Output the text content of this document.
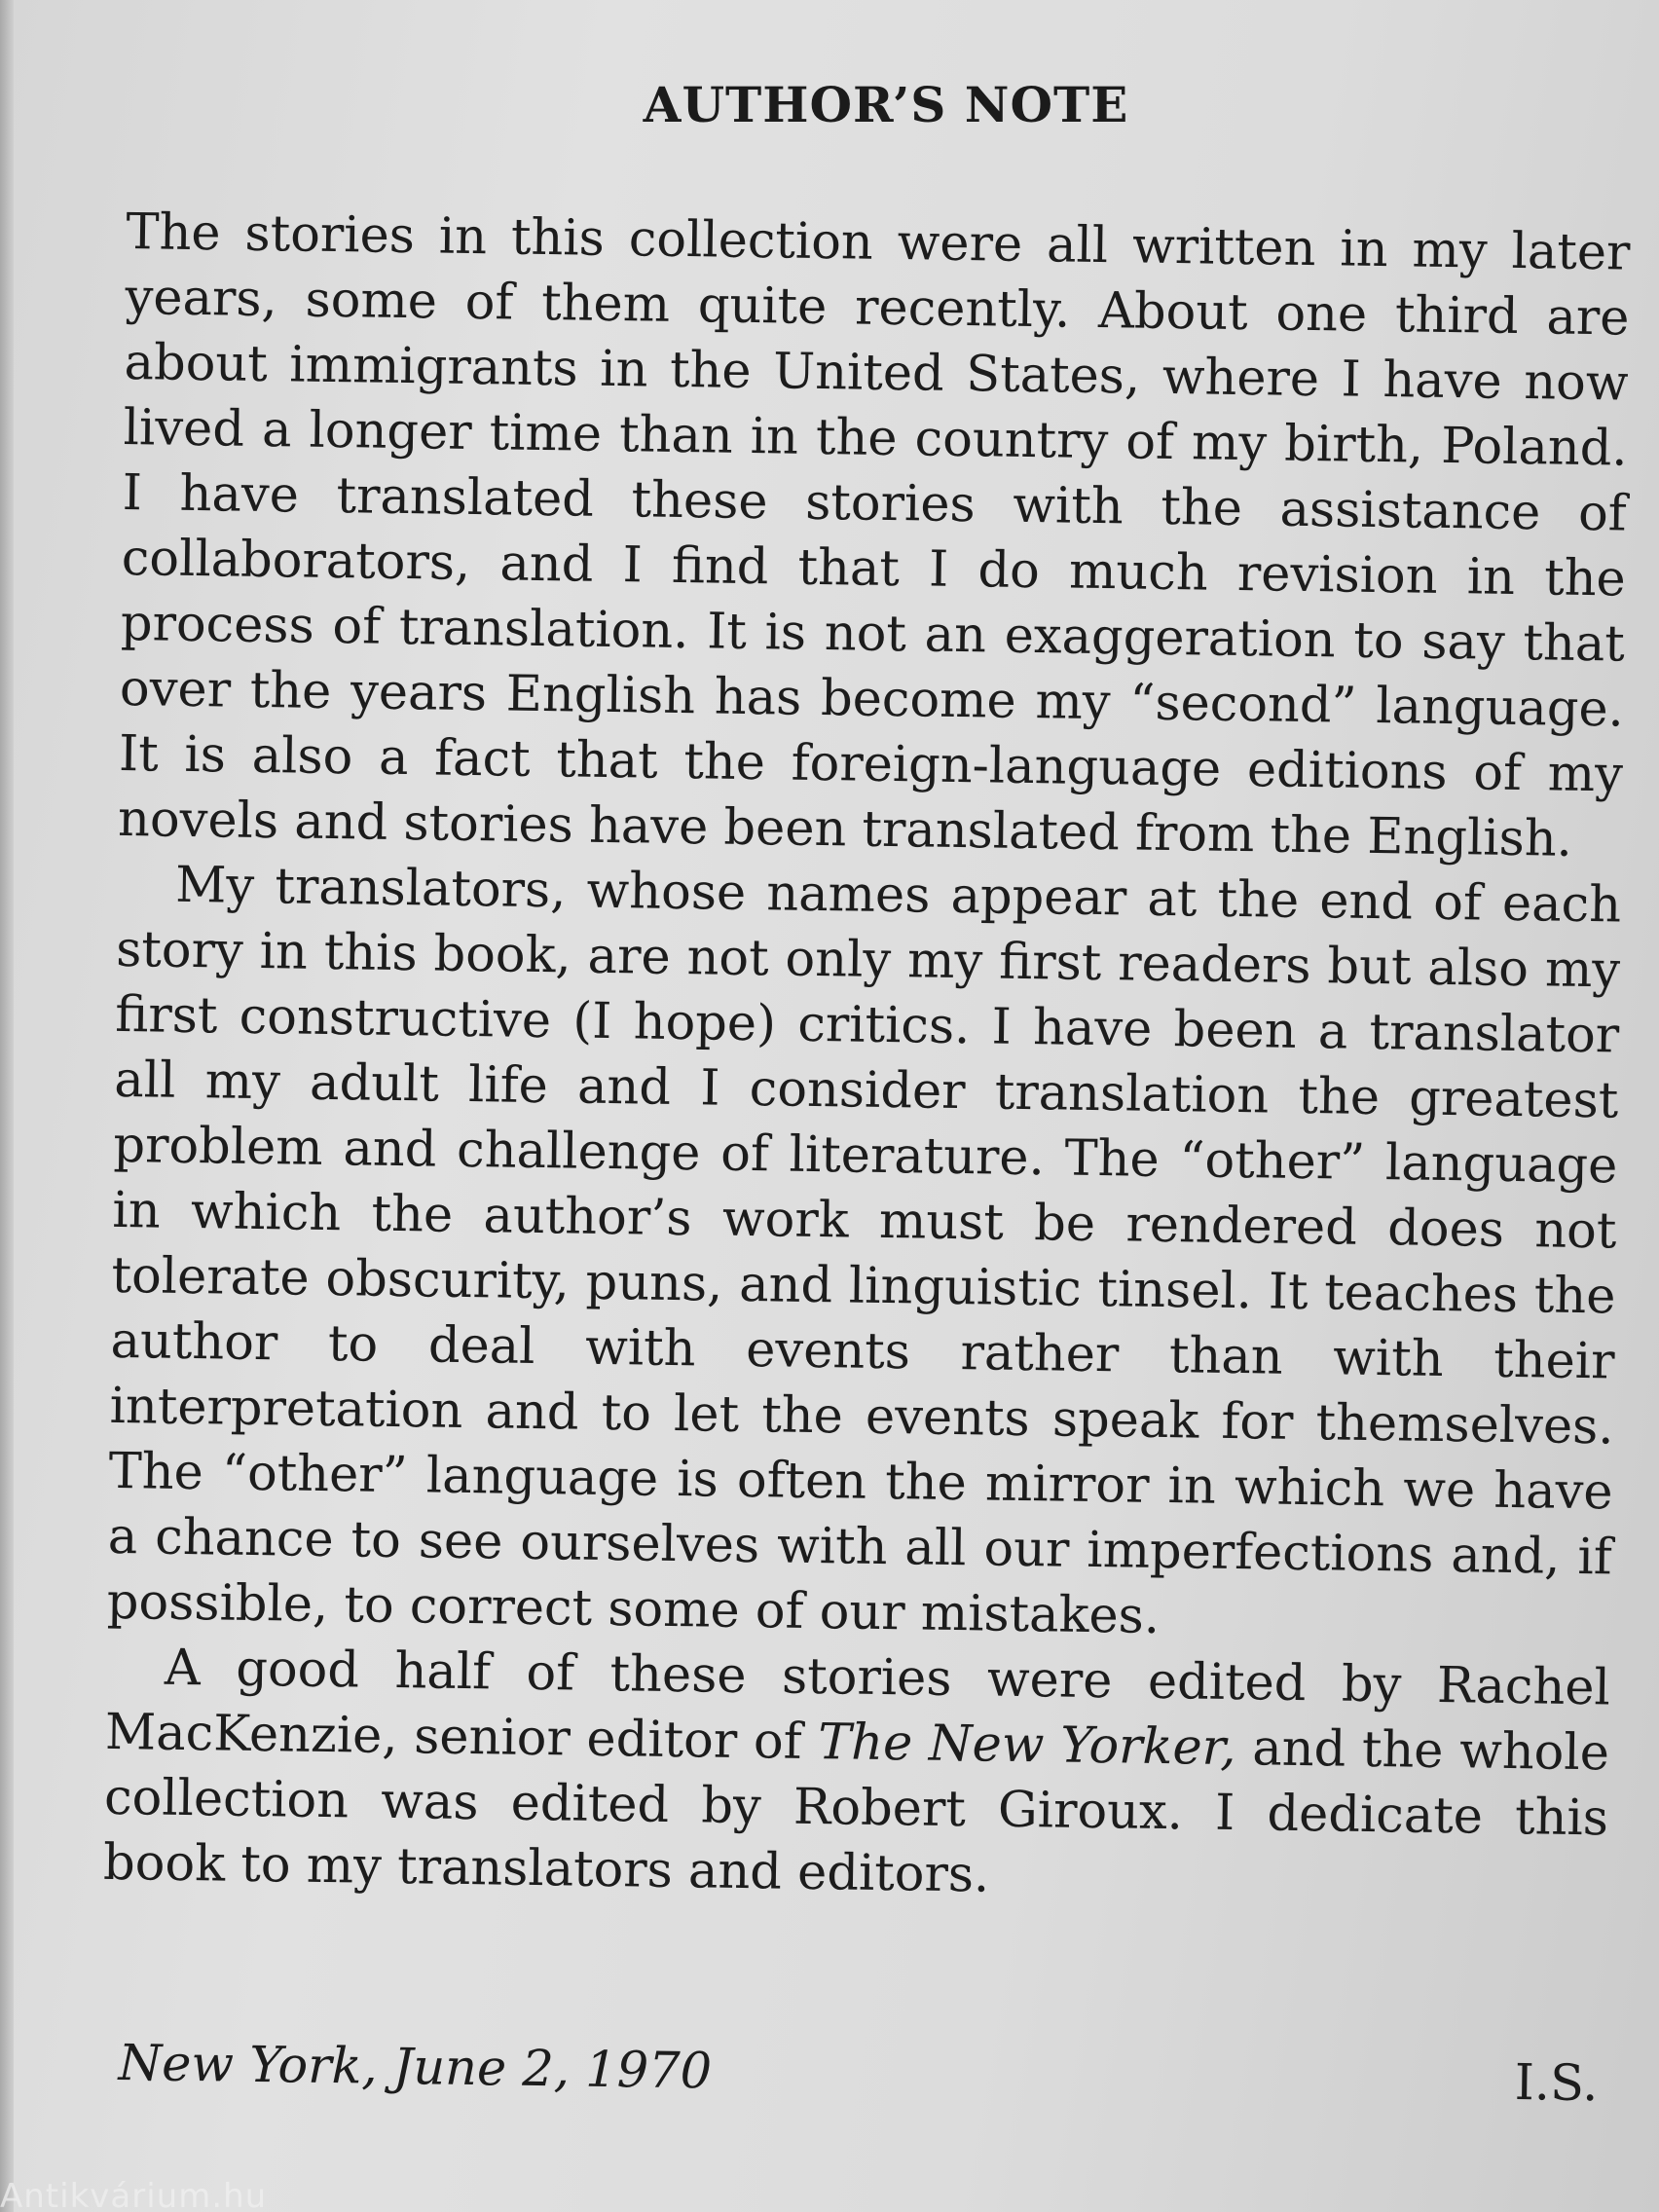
AUTHOR’S NOTE

The stories in this collection were all written in my later years, some of them quite recently. About one third are about immigrants in the United States, where I have now lived a longer time than in the country of my birth, Poland. I have translated these stories with the assistance of collaborators, and I find that I do much revision in the process of translation. It is not an exaggeration to say that over the years English has become my “second” language. It is also a fact that the foreign-language editions of my novels and stories have been translated from the English.

My translators, whose names appear at the end of each story in this book, are not only my first readers but also my first constructive (I hope) critics. I have been a translator all my adult life and I consider translation the greatest problem and challenge of literature. The “other” language in which the author’s work must be rendered does not tolerate obscurity, puns, and linguistic tinsel. It teaches the author to deal with events rather than with their interpretation and to let the events speak for themselves. The “other” language is often the mirror in which we have a chance to see ourselves with all our imperfections and, if possible, to correct some of our mistakes.

A good half of these stories were edited by Rachel MacKenzie, senior editor of The New Yorker, and the whole collection was edited by Robert Giroux. I dedicate this book to my translators and editors.

New York, June 2, 1970	I.S.
Antikvárium.hu
